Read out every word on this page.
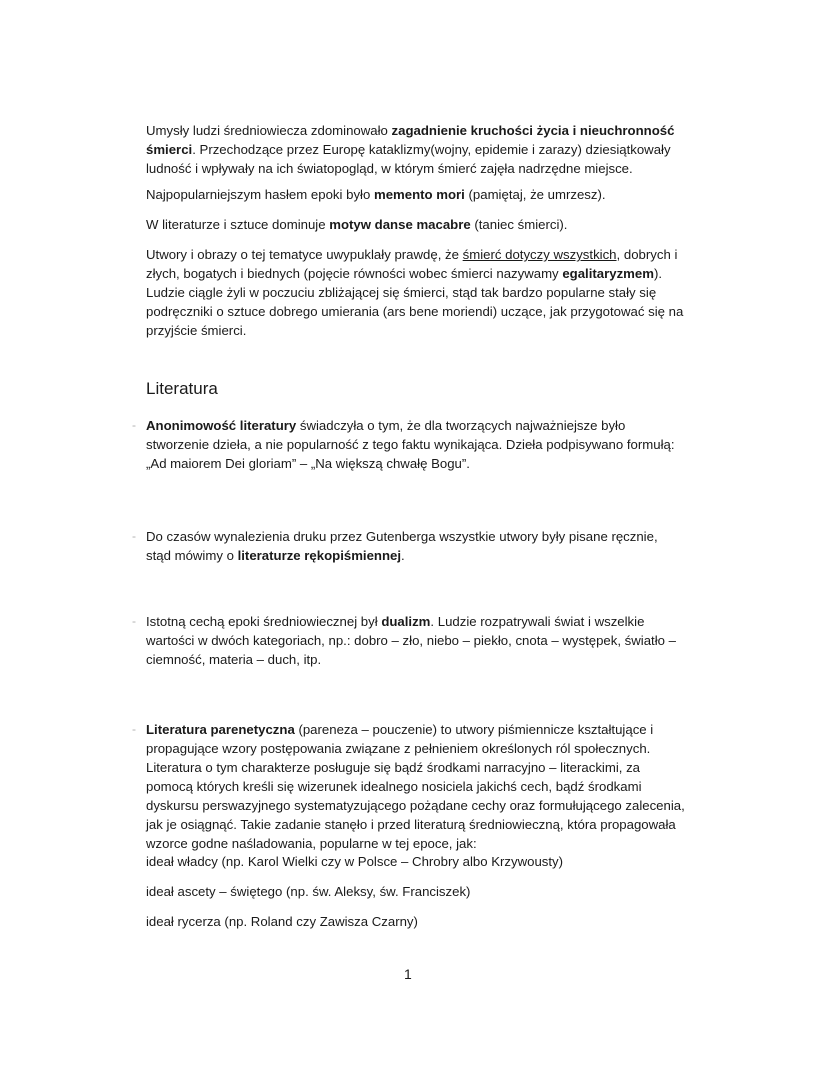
Umysły ludzi średniowiecza zdominowało zagadnienie kruchości życia i nieuchronność śmierci. Przechodzące przez Europę kataklizmy(wojny, epidemie i zarazy) dziesiątkowały ludność i wpływały na ich światopogląd, w którym śmierć zajęła nadrzędne miejsce.

Najpopularniejszym hasłem epoki było memento mori (pamiętaj, że umrzesz).

W literaturze i sztuce dominuje motyw danse macabre (taniec śmierci).

Utwory i obrazy o tej tematyce uwypuklały prawdę, że śmierć dotyczy wszystkich, dobrych i złych, bogatych i biednych (pojęcie równości wobec śmierci nazywamy egalitaryzmem). Ludzie ciągle żyli w poczuciu zbliżającej się śmierci, stąd tak bardzo popularne stały się podręczniki o sztuce dobrego umierania (ars bene moriendi) uczące, jak przygotować się na przyjście śmierci.

Literatura
- Anonimowość literatury świadczyła o tym, że dla tworzących najważniejsze było stworzenie dzieła, a nie popularność z tego faktu wynikająca. Dzieła podpisywano formułą: „Ad maiorem Dei gloriam” – „Na większą chwałę Bogu”.

- Do czasów wynalezienia druku przez Gutenberga wszystkie utwory były pisane ręcznie, stąd mówimy o literaturze rękopiśmiennej.

- Istotną cechą epoki średniowiecznej był dualizm. Ludzie rozpatrywali świat i wszelkie wartości w dwóch kategoriach, np.: dobro – zło, niebo – piekło, cnota – występek, światło – ciemność, materia – duch, itp.

- Literatura parenetyczna (pareneza – pouczenie) to utwory piśmiennicze kształtujące i propagujące wzory postępowania związane z pełnieniem określonych ról społecznych. Literatura o tym charakterze posługuje się bądź środkami narracyjno – literackimi, za pomocą których kreśli się wizerunek idealnego nosiciela jakichś cech, bądź środkami dyskursu perswazyjnego systematyzującego pożądane cechy oraz formułującego zalecenia, jak je osiągnąć. Takie zadanie stanęło i przed literaturą średniowieczną, która propagowała wzorce godne naśladowania, popularne w tej epoce, jak:

ideał władcy (np. Karol Wielki czy w Polsce – Chrobry albo Krzywousty)

ideał ascety – świętego (np. św. Aleksy, św. Franciszek)

ideał rycerza (np. Roland czy Zawisza Czarny)

1
